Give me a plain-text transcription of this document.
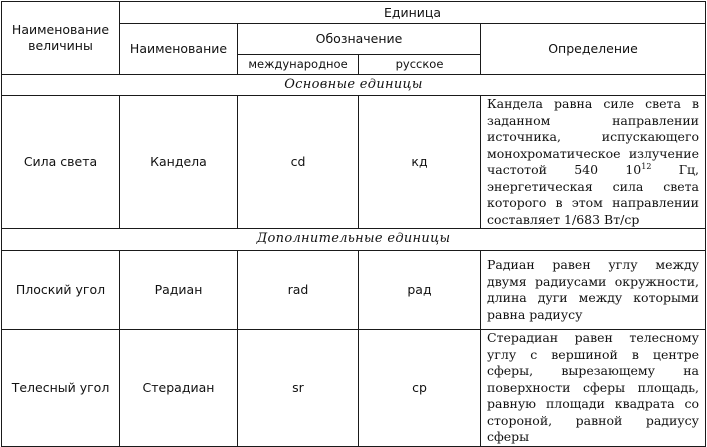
Наименование величины	Единица			
	Наименование	Обозначение		Определение
		международное	русское	
Основные единицы				
Сила света	Кандела	cd	кд	Кандела равна силе света в заданном направлении источника, испускающего монохроматическое излучение частотой 540 $10^{12}$ Гц, энергетическая сила света которого в этом направлении составляет 1/683 Вт/ср
Дополнительные единицы				
Плоский угол	Радиан	rad	рад	Радиан равен углу между двумя радиусами окружности, длина дуги между которыми равна радиусу
Телесный угол	Стерадиан	sr	ср	Стерадиан равен телесному углу с вершиной в центре сферы, вырезающему на поверхности сферы площадь, равную площади квадрата со стороной, равной радиусу сферы
